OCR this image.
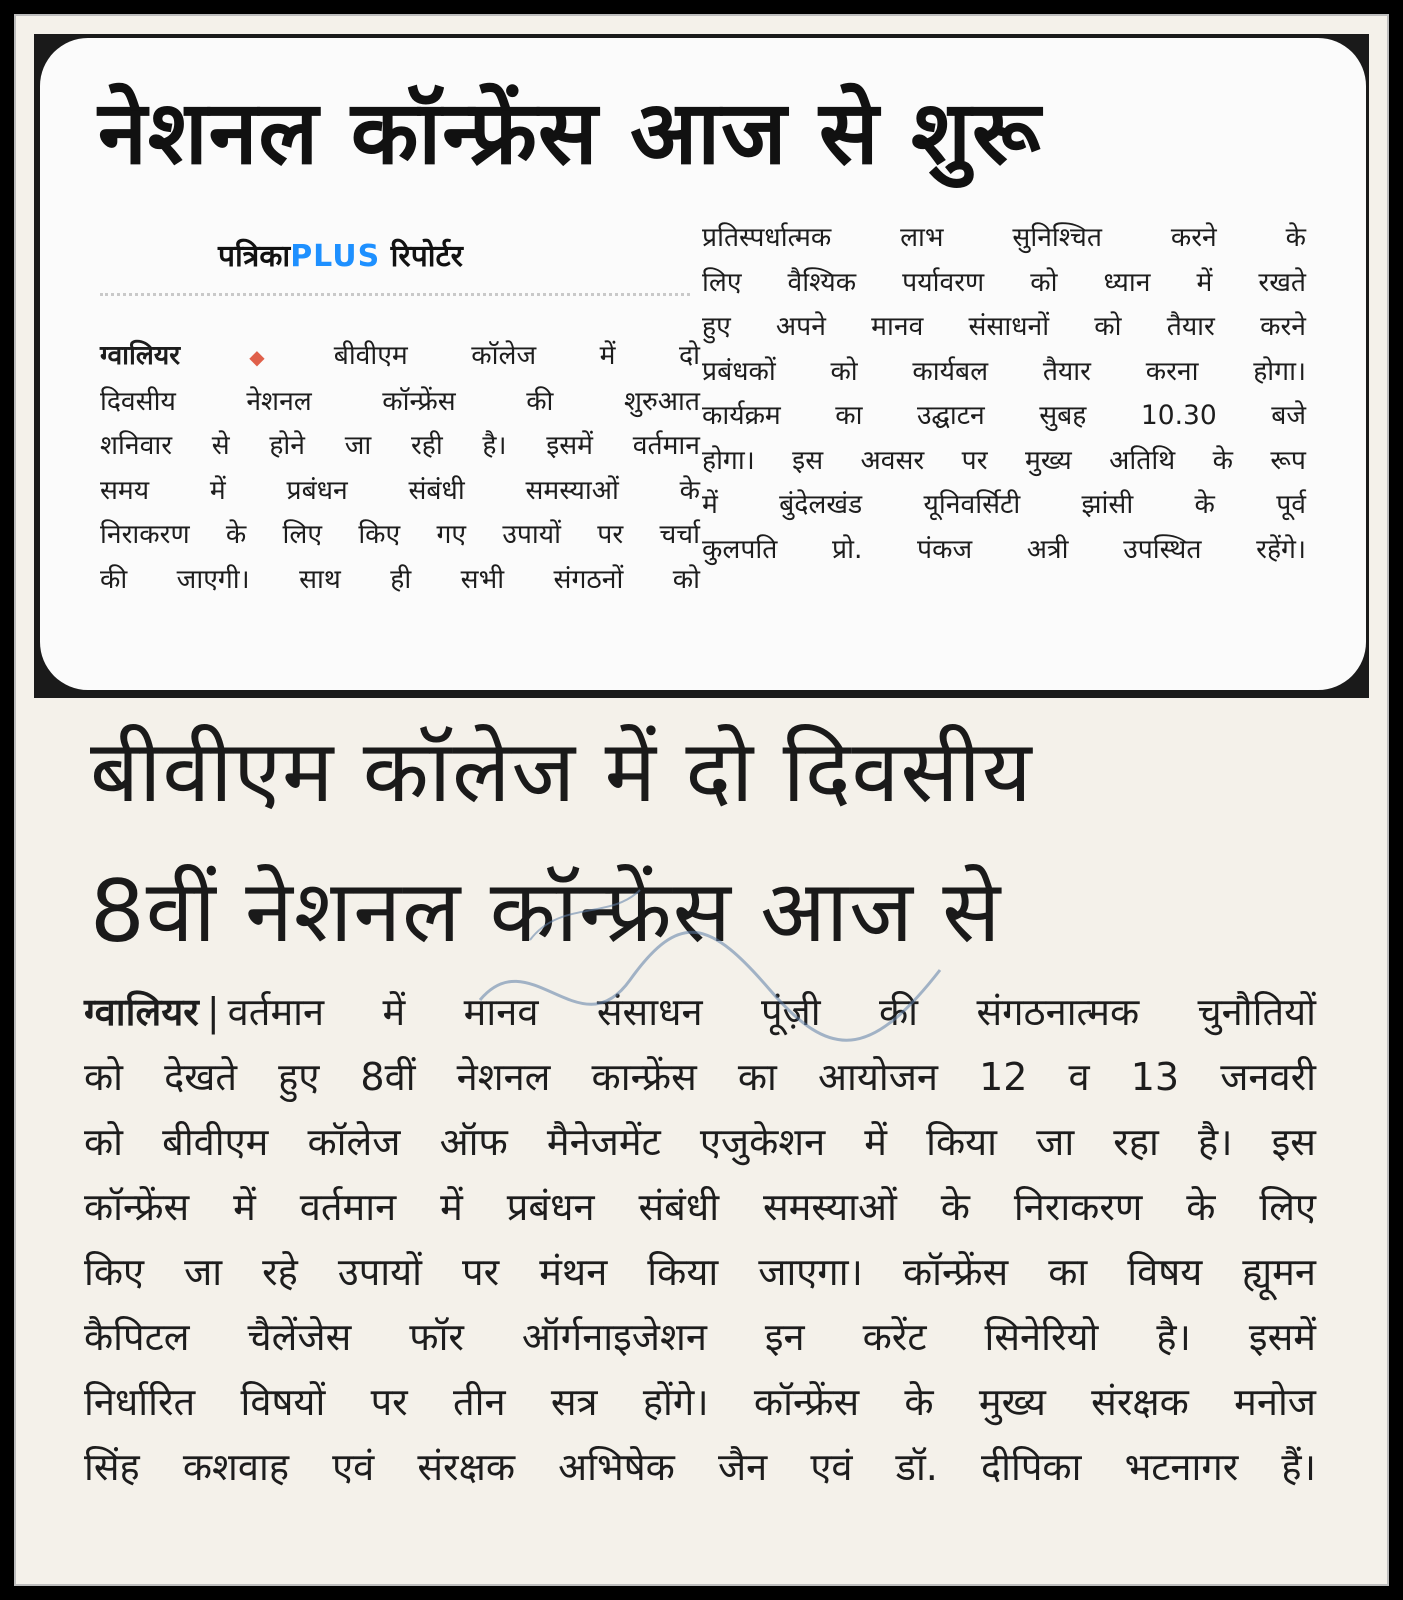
नेशनल कॉन्फ्रेंस आज से शुरू
पत्रिकाPLUS रिपोर्टर
ग्वालियर ◆ बीवीएम कॉलेज में दो
दिवसीय नेशनल कॉन्फ्रेंस की शुरुआत
शनिवार से होने जा रही है। इसमें वर्तमान
समय में प्रबंधन संबंधी समस्याओं के
निराकरण के लिए किए गए उपायों पर चर्चा
की जाएगी। साथ ही सभी संगठनों को
प्रतिस्पर्धात्मक लाभ सुनिश्चित करने के
लिए वैश्यिक पर्यावरण को ध्यान में रखते
हुए अपने मानव संसाधनों को तैयार करने
प्रबंधकों को कार्यबल तैयार करना होगा।
कार्यक्रम का उद्घाटन सुबह 10.30 बजे
होगा। इस अवसर पर मुख्य अतिथि के रूप
में बुंदेलखंड यूनिवर्सिटी झांसी के पूर्व
कुलपति प्रो. पंकज अत्री उपस्थित रहेंगे।
बीवीएम कॉलेज में दो दिवसीय
8वीं नेशनल कॉन्फ्रेंस आज से
ग्वालियर | वर्तमान में मानव संसाधन पूंज़ी की संगठनात्मक चुनौतियों
को देखते हुए 8वीं नेशनल कान्फ्रेंस का आयोजन 12 व 13 जनवरी
को बीवीएम कॉलेज ऑफ मैनेजमेंट एजुकेशन में किया जा रहा है। इस
कॉन्फ्रेंस में वर्तमान में प्रबंधन संबंधी समस्याओं के निराकरण के लिए
किए जा रहे उपायों पर मंथन किया जाएगा। कॉन्फ्रेंस का विषय ह्यूमन
कैपिटल चैलेंजेस फॉर ऑर्गनाइजेशन इन करेंट सिनेरियो है। इसमें
निर्धारित विषयों पर तीन सत्र होंगे। कॉन्फ्रेंस के मुख्य संरक्षक मनोज
सिंह कशवाह एवं संरक्षक अभिषेक जैन एवं डॉ. दीपिका भटनागर हैं।
